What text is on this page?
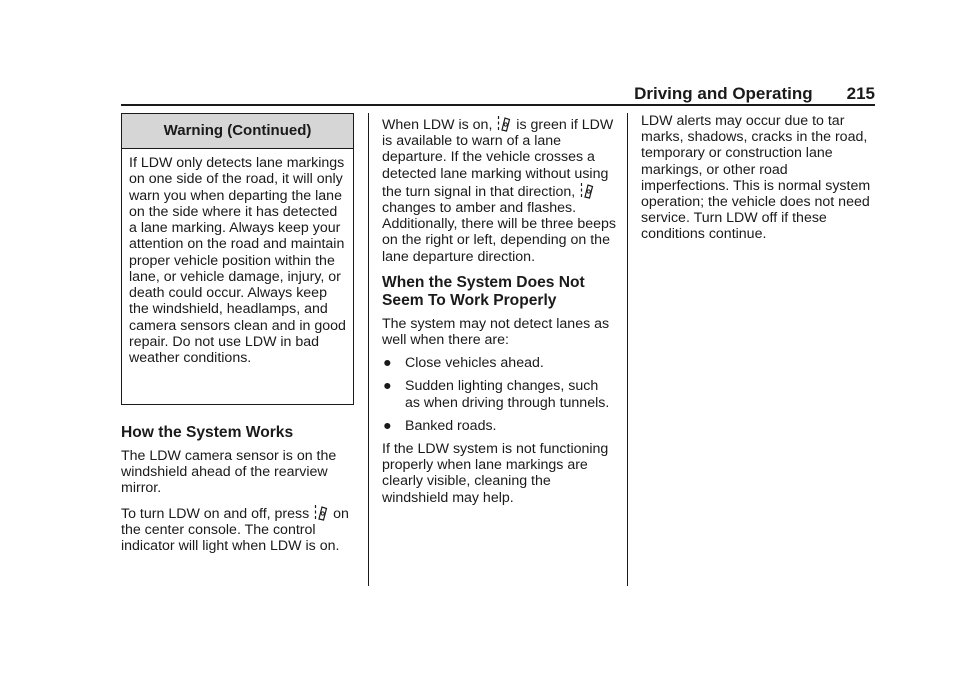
Driving and Operating 215
Warning (Continued)
If LDW only detects lane markings on one side of the road, it will only warn you when departing the lane on the side where it has detected a lane marking. Always keep your attention on the road and maintain proper vehicle position within the lane, or vehicle damage, injury, or death could occur. Always keep the windshield, headlamps, and camera sensors clean and in good repair. Do not use LDW in bad weather conditions.
How the System Works

The LDW camera sensor is on the windshield ahead of the rearview mirror.

To turn LDW on and off, press on the center console. The control indicator will light when LDW is on.

When LDW is on, is green if LDW is available to warn of a lane departure. If the vehicle crosses a detected lane marking without using the turn signal in that direction,  changes to amber and flashes. Additionally, there will be three beeps on the right or left, depending on the lane departure direction.

When the System Does Not Seem To Work Properly

The system may not detect lanes as well when there are:

● Close vehicles ahead.
● Sudden lighting changes, such as when driving through tunnels.
● Banked roads.

If the LDW system is not functioning properly when lane markings are clearly visible, cleaning the windshield may help.

LDW alerts may occur due to tar marks, shadows, cracks in the road, temporary or construction lane markings, or other road imperfections. This is normal system operation; the vehicle does not need service. Turn LDW off if these conditions continue.
